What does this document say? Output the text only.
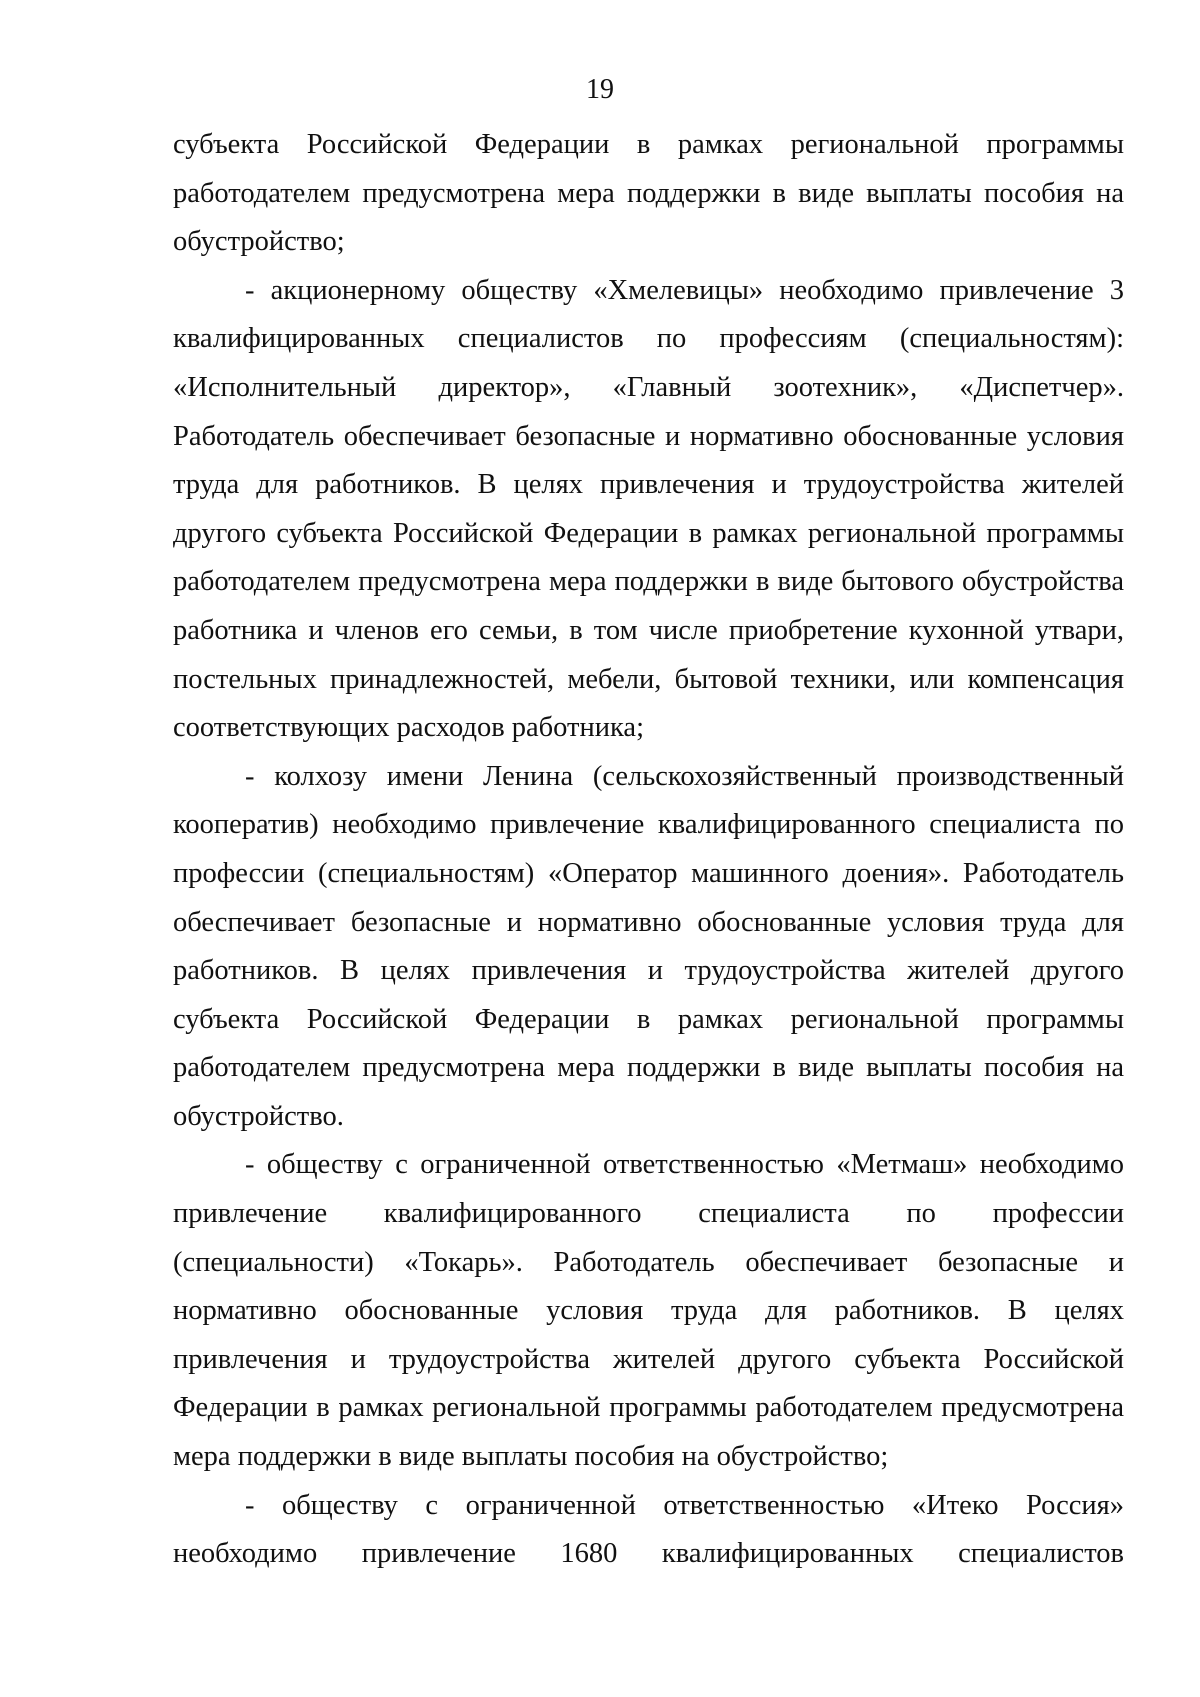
19

субъекта Российской Федерации в рамках региональной программы работодателем предусмотрена мера поддержки в виде выплаты пособия на обустройство;

- акционерному обществу «Хмелевицы» необходимо привлечение 3 квалифицированных специалистов по профессиям (специальностям): «Исполнительный директор», «Главный зоотехник», «Диспетчер». Работодатель обеспечивает безопасные и нормативно обоснованные условия труда для работников. В целях привлечения и трудоустройства жителей другого субъекта Российской Федерации в рамках региональной программы работодателем предусмотрена мера поддержки в виде бытового обустройства работника и членов его семьи, в том числе приобретение кухонной утвари, постельных принадлежностей, мебели, бытовой техники, или компенсация соответствующих расходов работника;

- колхозу имени Ленина (сельскохозяйственный производственный кооператив) необходимо привлечение квалифицированного специалиста по профессии (специальностям) «Оператор машинного доения». Работодатель обеспечивает безопасные и нормативно обоснованные условия труда для работников. В целях привлечения и трудоустройства жителей другого субъекта Российской Федерации в рамках региональной программы работодателем предусмотрена мера поддержки в виде выплаты пособия на обустройство.

- обществу с ограниченной ответственностью «Метмаш» необходимо привлечение квалифицированного специалиста по профессии (специальности) «Токарь». Работодатель обеспечивает безопасные и нормативно обоснованные условия труда для работников. В целях привлечения и трудоустройства жителей другого субъекта Российской Федерации в рамках региональной программы работодателем предусмотрена мера поддержки в виде выплаты пособия на обустройство;

- обществу с ограниченной ответственностью «Итеко Россия» необходимо привлечение 1680 квалифицированных специалистов
